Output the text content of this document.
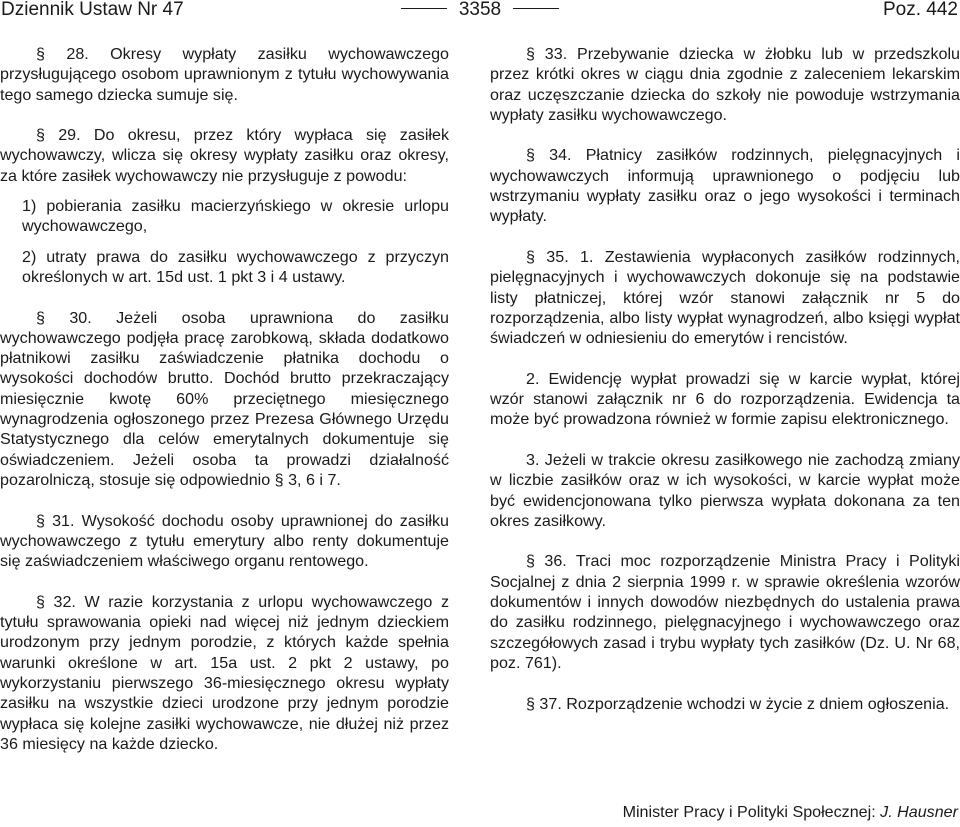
Dziennik Ustaw Nr 47	3358	Poz. 442

§ 28. Okresy wypłaty zasiłku wychowawczego przysługującego osobom uprawnionym z tytułu wychowywania tego samego dziecka sumuje się.

§ 29. Do okresu, przez który wypłaca się zasiłek wychowawczy, wlicza się okresy wypłaty zasiłku oraz okresy, za które zasiłek wychowawczy nie przysługuje z powodu:

1) pobierania zasiłku macierzyńskiego w okresie urlopu wychowawczego,

2) utraty prawa do zasiłku wychowawczego z przyczyn określonych w art. 15d ust. 1 pkt 3 i 4 ustawy.

§ 30. Jeżeli osoba uprawniona do zasiłku wychowawczego podjęła pracę zarobkową, składa dodatkowo płatnikowi zasiłku zaświadczenie płatnika dochodu o wysokości dochodów brutto. Dochód brutto przekraczający miesięcznie kwotę 60% przeciętnego miesięcznego wynagrodzenia ogłoszonego przez Prezesa Głównego Urzędu Statystycznego dla celów emerytalnych dokumentuje się oświadczeniem. Jeżeli osoba ta prowadzi działalność pozarolniczą, stosuje się odpowiednio § 3, 6 i 7.

§ 31. Wysokość dochodu osoby uprawnionej do zasiłku wychowawczego z tytułu emerytury albo renty dokumentuje się zaświadczeniem właściwego organu rentowego.

§ 32. W razie korzystania z urlopu wychowawczego z tytułu sprawowania opieki nad więcej niż jednym dzieckiem urodzonym przy jednym porodzie, z których każde spełnia warunki określone w art. 15a ust. 2 pkt 2 ustawy, po wykorzystaniu pierwszego 36-miesięcznego okresu wypłaty zasiłku na wszystkie dzieci urodzone przy jednym porodzie wypłaca się kolejne zasiłki wychowawcze, nie dłużej niż przez 36 miesięcy na każde dziecko.

§ 33. Przebywanie dziecka w żłobku lub w przedszkolu przez krótki okres w ciągu dnia zgodnie z zaleceniem lekarskim oraz uczęszczanie dziecka do szkoły nie powoduje wstrzymania wypłaty zasiłku wychowawczego.

§ 34. Płatnicy zasiłków rodzinnych, pielęgnacyjnych i wychowawczych informują uprawnionego o podjęciu lub wstrzymaniu wypłaty zasiłku oraz o jego wysokości i terminach wypłaty.

§ 35. 1. Zestawienia wypłaconych zasiłków rodzinnych, pielęgnacyjnych i wychowawczych dokonuje się na podstawie listy płatniczej, której wzór stanowi załącznik nr 5 do rozporządzenia, albo listy wypłat wynagrodzeń, albo księgi wypłat świadczeń w odniesieniu do emerytów i rencistów.

2. Ewidencję wypłat prowadzi się w karcie wypłat, której wzór stanowi załącznik nr 6 do rozporządzenia. Ewidencja ta może być prowadzona również w formie zapisu elektronicznego.

3. Jeżeli w trakcie okresu zasiłkowego nie zachodzą zmiany w liczbie zasiłków oraz w ich wysokości, w karcie wypłat może być ewidencjonowana tylko pierwsza wypłata dokonana za ten okres zasiłkowy.

§ 36. Traci moc rozporządzenie Ministra Pracy i Polityki Socjalnej z dnia 2 sierpnia 1999 r. w sprawie określenia wzorów dokumentów i innych dowodów niezbędnych do ustalenia prawa do zasiłku rodzinnego, pielęgnacyjnego i wychowawczego oraz szczegółowych zasad i trybu wypłaty tych zasiłków (Dz. U. Nr 68, poz. 761).

§ 37. Rozporządzenie wchodzi w życie z dniem ogłoszenia.

Minister Pracy i Polityki Społecznej: J. Hausner
